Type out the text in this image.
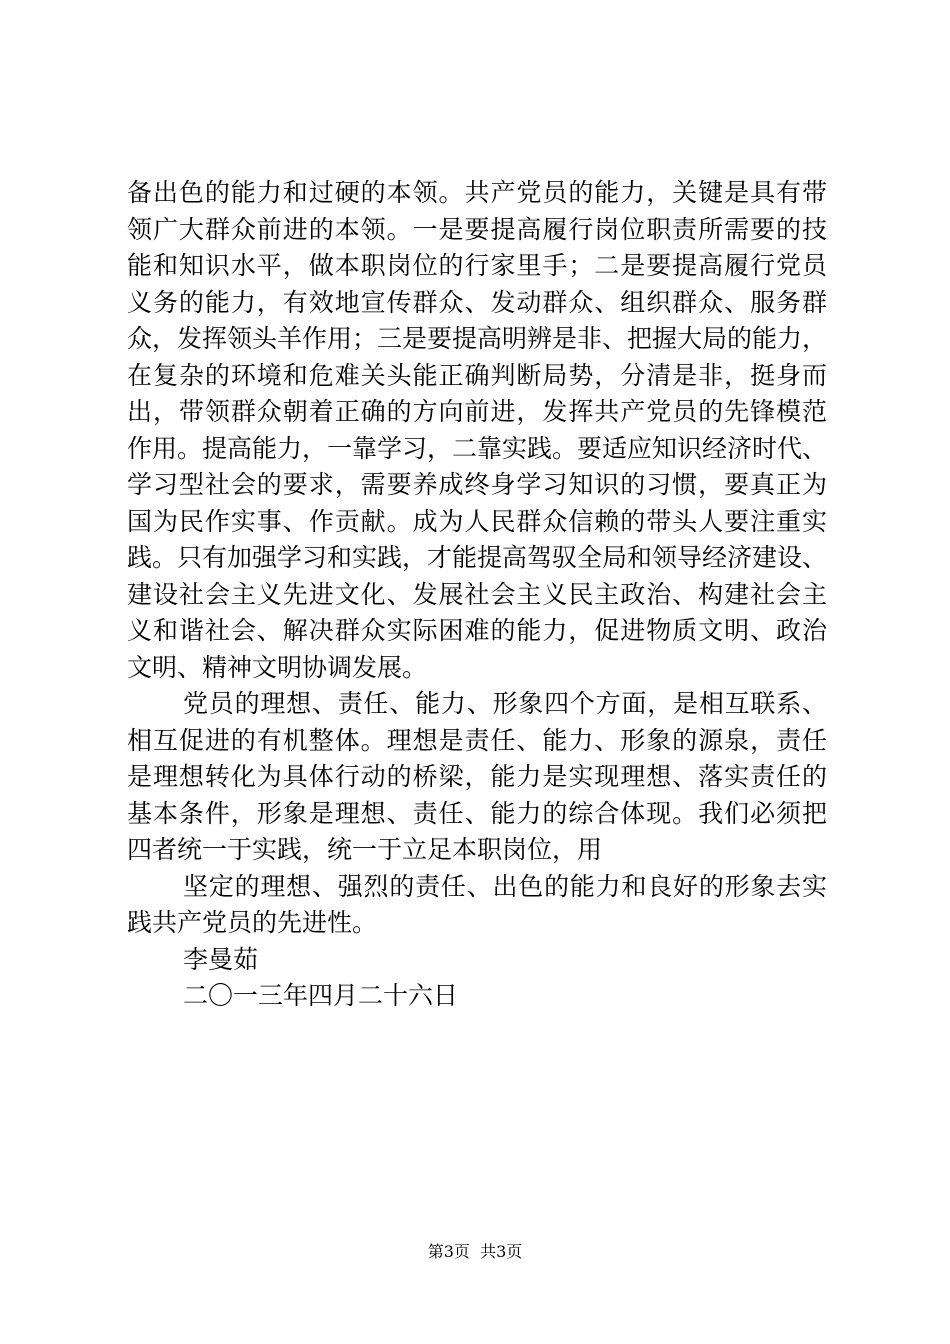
备出色的能力和过硬的本领。共产党员的能力，关键是具有带
领广大群众前进的本领。一是要提高履行岗位职责所需要的技
能和知识水平，做本职岗位的行家里手；二是要提高履行党员
义务的能力，有效地宣传群众、发动群众、组织群众、服务群
众，发挥领头羊作用；三是要提高明辨是非、把握大局的能力，
在复杂的环境和危难关头能正确判断局势，分清是非，挺身而
出，带领群众朝着正确的方向前进，发挥共产党员的先锋模范
作用。提高能力，一靠学习，二靠实践。要适应知识经济时代、
学习型社会的要求，需要养成终身学习知识的习惯，要真正为
国为民作实事、作贡献。成为人民群众信赖的带头人要注重实
践。只有加强学习和实践，才能提高驾驭全局和领导经济建设、
建设社会主义先进文化、发展社会主义民主政治、构建社会主
义和谐社会、解决群众实际困难的能力，促进物质文明、政治
文明、精神文明协调发展。
党员的理想、责任、能力、形象四个方面，是相互联系、
相互促进的有机整体。理想是责任、能力、形象的源泉，责任
是理想转化为具体行动的桥梁，能力是实现理想、落实责任的
基本条件，形象是理想、责任、能力的综合体现。我们必须把
四者统一于实践，统一于立足本职岗位，用
坚定的理想、强烈的责任、出色的能力和良好的形象去实
践共产党员的先进性。
李曼茹
二〇一三年四月二十六日
第3页  共3页
